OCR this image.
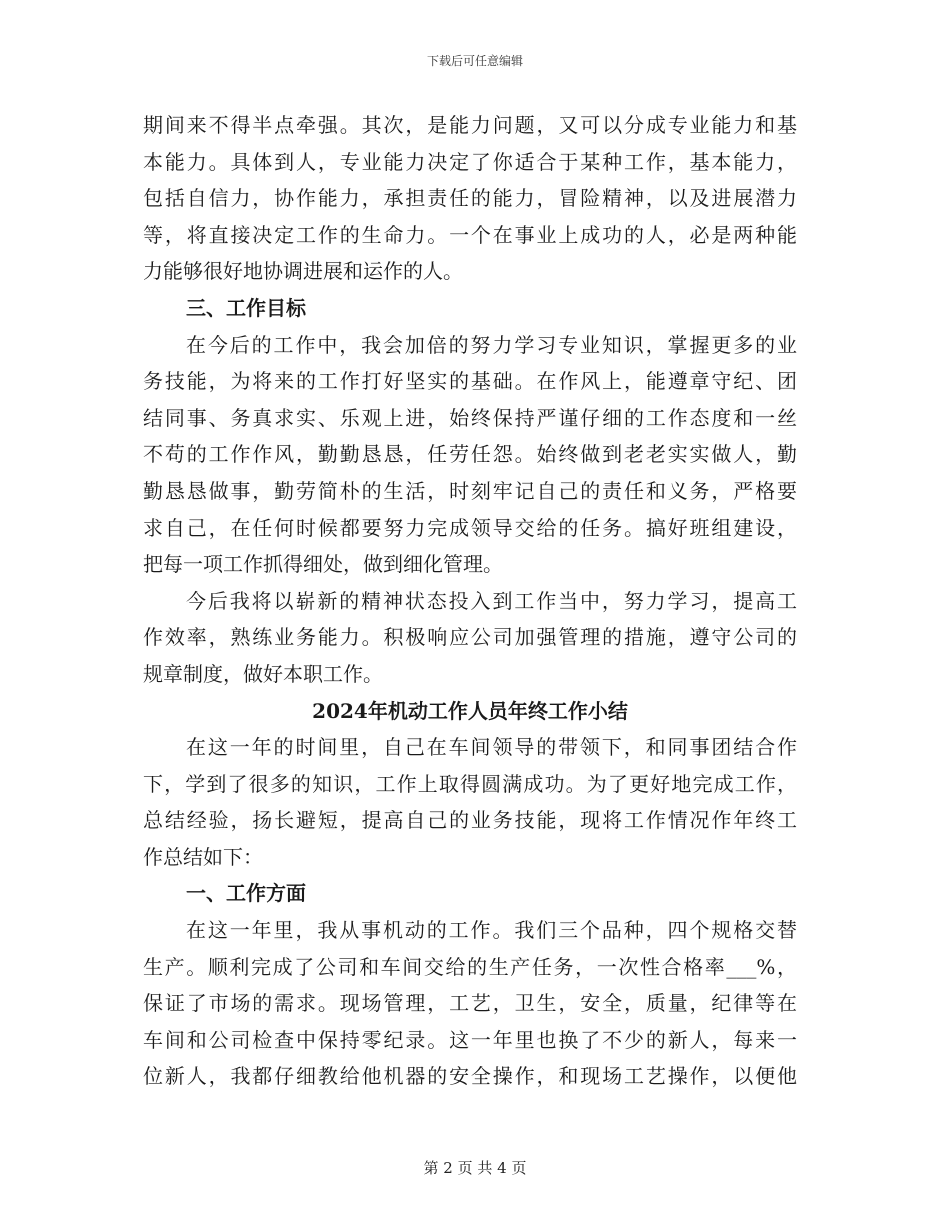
下载后可任意编辑
期间来不得半点牵强。其次，是能力问题，又可以分成专业能力和基
本能力。具体到人，专业能力决定了你适合于某种工作，基本能力，
包括自信力，协作能力，承担责任的能力，冒险精神，以及进展潜力
等，将直接决定工作的生命力。一个在事业上成功的人，必是两种能
力能够很好地协调进展和运作的人。
三、工作目标
在今后的工作中，我会加倍的努力学习专业知识，掌握更多的业
务技能，为将来的工作打好坚实的基础。在作风上，能遵章守纪、团
结同事、务真求实、乐观上进，始终保持严谨仔细的工作态度和一丝
不苟的工作作风，勤勤恳恳，任劳任怨。始终做到老老实实做人，勤
勤恳恳做事，勤劳简朴的生活，时刻牢记自己的责任和义务，严格要
求自己，在任何时候都要努力完成领导交给的任务。搞好班组建设，
把每一项工作抓得细处，做到细化管理。
今后我将以崭新的精神状态投入到工作当中，努力学习，提高工
作效率，熟练业务能力。积极响应公司加强管理的措施，遵守公司的
规章制度，做好本职工作。
2024年机动工作人员年终工作小结
在这一年的时间里，自己在车间领导的带领下，和同事团结合作
下，学到了很多的知识，工作上取得圆满成功。为了更好地完成工作，
总结经验，扬长避短，提高自己的业务技能，现将工作情况作年终工
作总结如下：
一、工作方面
在这一年里，我从事机动的工作。我们三个品种，四个规格交替
生产。顺利完成了公司和车间交给的生产任务，一次性合格率___%，
保证了市场的需求。现场管理，工艺，卫生，安全，质量，纪律等在
车间和公司检查中保持零纪录。这一年里也换了不少的新人，每来一
位新人，我都仔细教给他机器的安全操作，和现场工艺操作，以便他
第 2 页 共 4 页
